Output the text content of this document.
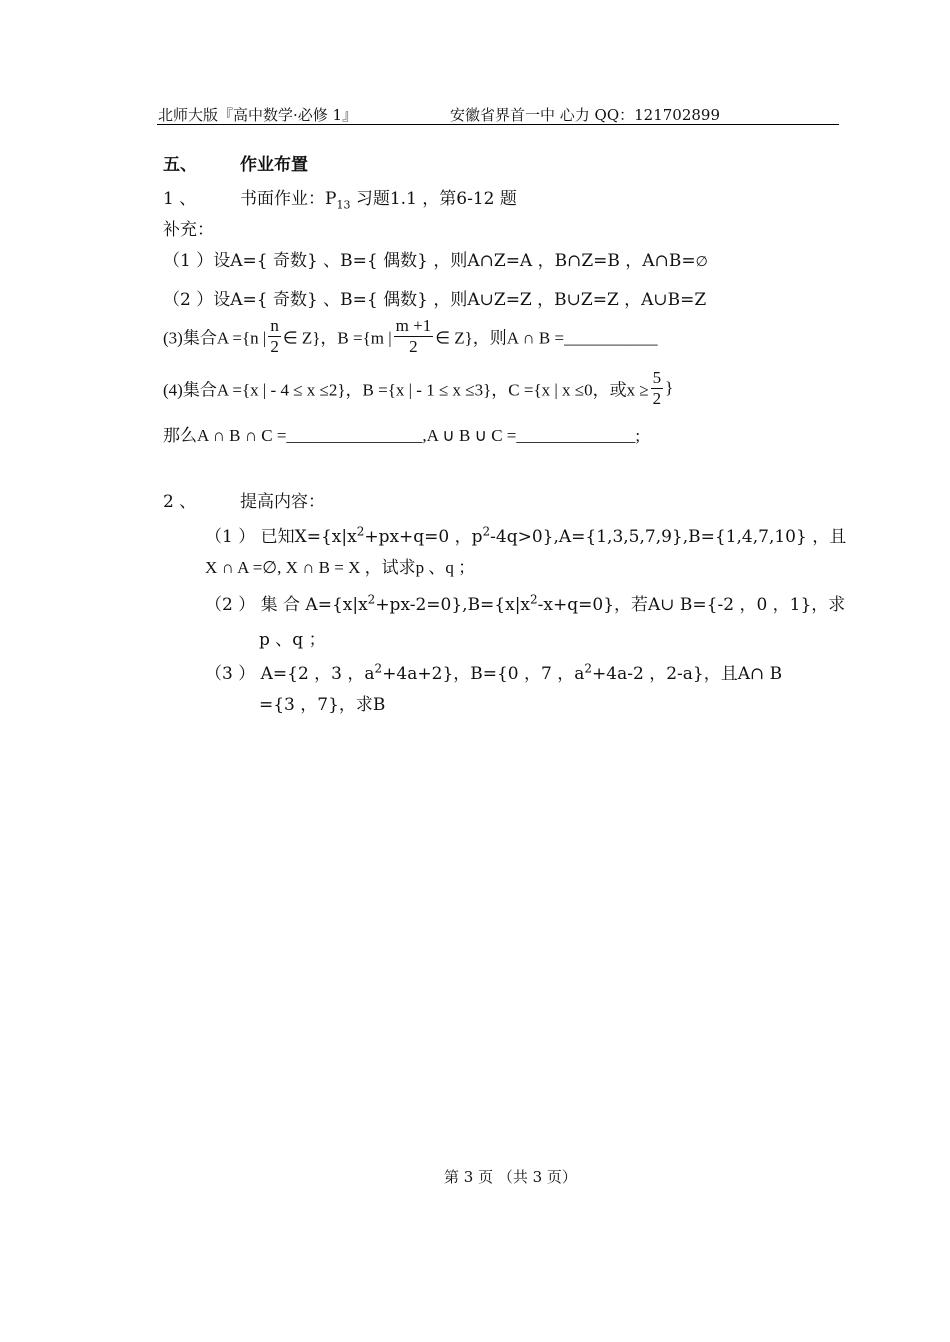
北师大版『高中数学·必修 1』	安徽省界首一中 心力 QQ：121702899
五、	作业布置
1 、	书面作业：$P_{13}$ 习题1.1 ，第6-12 题
补充：
（1 ）设A={ 奇数} 、B={ 偶数} ，则A∩Z=A ，B∩Z=B ，A∩B=∅
（2 ）设A={ 奇数} 、B={ 偶数} ，则A∪Z=Z ，B∪Z=Z ，A∪B=Z
(3)集合A ={n | $\frac{n}{2}$ ∈ Z}，B ={m | $\frac{m +1}{2}$ ∈ Z}，则A ∩ B =___________
(4)集合A ={x | - 4 ≤ x ≤2}，B ={x | - 1 ≤ x ≤3}，C ={x | x ≤0，或$x \ge \frac{5}{2}$ }
那么A ∩ B ∩ C =________________,A ∪ B ∪ C =______________;
2 、	提高内容：
（1 ） 已知$X=\{x|x^2+px+q=0$ ，$p^2-4q>0\},A=\{1,3,5,7,9\},B=\{1,4,7,10\}$ ，且
X ∩ A =∅, X ∩ B = X ，试求p 、q ；
（2 ） 集 合 $A=\{x|x^2+px-2=0\},B=\{x|x^2-x+q=0\}$，若A∪ B={-2 ，0 ，1}，求
p 、q ；
（3 ） A={2 ，3 ，$a^2+4a+2$}，B={0 ，7 ，$a^2+4a-2$ ，2-a}，且A∩ B
={3 ，7}，求B
第 3 页 （共 3 页）
